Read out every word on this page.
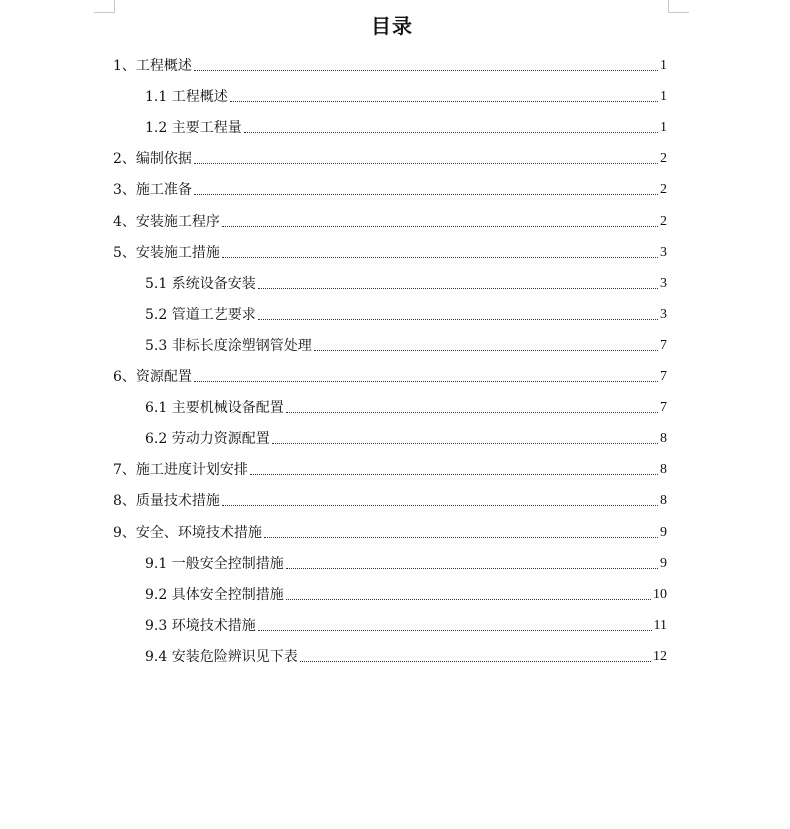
目录
1、工程概述	1
1.1 工程概述	1
1.2 主要工程量	1
2、编制依据	2
3、施工准备	2
4、安装施工程序	2
5、安装施工措施	3
5.1 系统设备安装	3
5.2 管道工艺要求	3
5.3 非标长度涂塑钢管处理	7
6、资源配置	7
6.1 主要机械设备配置	7
6.2 劳动力资源配置	8
7、施工进度计划安排	8
8、质量技术措施	8
9、安全、环境技术措施	9
9.1 一般安全控制措施	9
9.2 具体安全控制措施	10
9.3 环境技术措施	11
9.4 安装危险辨识见下表	12
